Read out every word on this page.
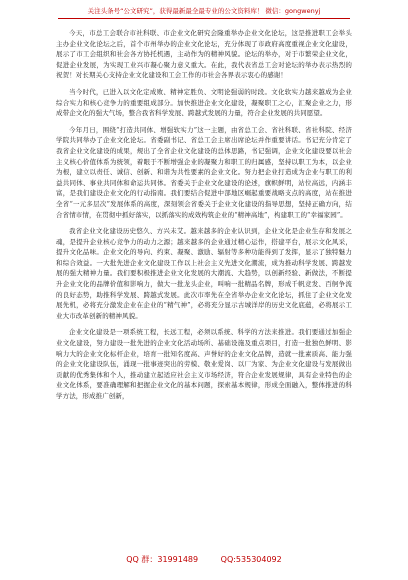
关注头条号“公文研究”，获得最新最全最专业的公文资料库！ 微信：gongwenyj

今天，市总工会联合市社科联、市企业文化研究会隆重举办企业文化论坛，这是推进职工会举头主办企业文化论坛之后，首个市州举办的企业文化论坛，充分体现了市政府高度重视企业文化建设，展示了市工会组织和社会各方协托机遇，主动作为的精神风貌。论坛的举办，对于市繁荣企业文化，促进企业发展，为实现工业兴市凝心聚力意义重大。在此，我代表省总工会对论坛的举办表示热烈的祝贺！对长期关心支持企业文化建设和工会工作的市社会各界表示衷心的感谢！

当今时代，已进入以文化定成败、精神定胜负、文明论强弱的时段。文化软实力越来越成为企业综合实力和核心竞争力的重要组成部分。加快推进企业文化建设，凝聚职工之心，汇聚企业之力，形成带企文化的强大气场，整合我省科学发展、跨越式发展的力量，符合企业发展的共同愿望。

今年月日，围绕“打造共同体、增强软实力”这一主题，由省总工会、省社科联、省社科院、经济学院共同举办了企业文化论坛。省委副书记、省总工会主席出席论坛并作重要讲话。书记充分肯定了我省企业文化建设的成果，规出了全省企业文化建设的总体思路，书记强调，企业文化建设要以社会主义核心价值体系为统领，着眼于不断增强企业的凝聚力和职工的归属感，坚持以职工为本，以企业为根，建立以责任、诚信、创新、和谐为共性要素的企业文化。努力把企业打造成为企业与职工的利益共同体、事业共同体和命运共同体。省委关于企业文化建设的论述，旗帜鲜明，站位高远，内涵丰富，是我们建设企业文化的行动指南。我们要结合促进中部地区崛起重要战略支点的高度，站在推进全省“一元多层次”发展体系的高度，深刻领会省委关于企业文化建设的指导思想，坚持正确方向，结合省情市情，在贯彻中抓好落实，以抓落实的成效构筑企业的“精神高地”，构建职工的“幸福家园”。

我省企业文化建设历史悠久、方兴未艾。越来越多的企业认识到，企业文化是企业生存和发展之魂，是提升企业核心竞争力的动力之源；越来越多的企业通过精心运作，搭建平台，展示文化风采，提升文化品味。企业文化的导向、约束、凝聚、激励、辐射等多种功能得到了发挥，显示了独特魅力和综合效益。一大批先进企业文化建设工作以上社会主义先进文化潮流，成为推动科学发展、跨越发展的强大精神力量。我们要积极推进企业文化发展的大潮流、大趋势，以创新经验、新做法，不断提升企业文化的品牌价值和影响力，做大一批龙头企业，叫响一批精品名牌，形成千帆竞发、百舸争流的良好态势，助推科学发展、跨越式发展。此次市率先在全省举办企业文化论坛，抓住了企业文化发展先机，必将充分激发企业在企业的“精气神”，必将充分显示古城洋岸的历史文化底蕴，必将展示工业大市改革创新的精神风貌。

企业文化建设是一项系统工程，长远工程，必须以系统、科学的方法来推进。我们要通过加强企业文化建设，努力建设一批先进的企业文化活动场所、基础设施及重点项目，打造一批独色鲜明、影响力大的企业文化标杆企业，培育一批知名度高、声誉好的企业文化品牌，造就一批素质高、能力强的企业文化建设队伍，涌现一批事迹突出的劳模、敬业爱岗、以厂为家、为企业文化建设与发展做出贡献的优秀集体和个人，推动建立起适应社会主义市场经济，符合企业发展规律，具有企业特色的企业文化体系，要准确理解和把握企业文化的基本问题，探索基本规律，形成全面融入，整体推进的科学方法，形成推广创新，

QQ 群：31991489	QQ:535304092
